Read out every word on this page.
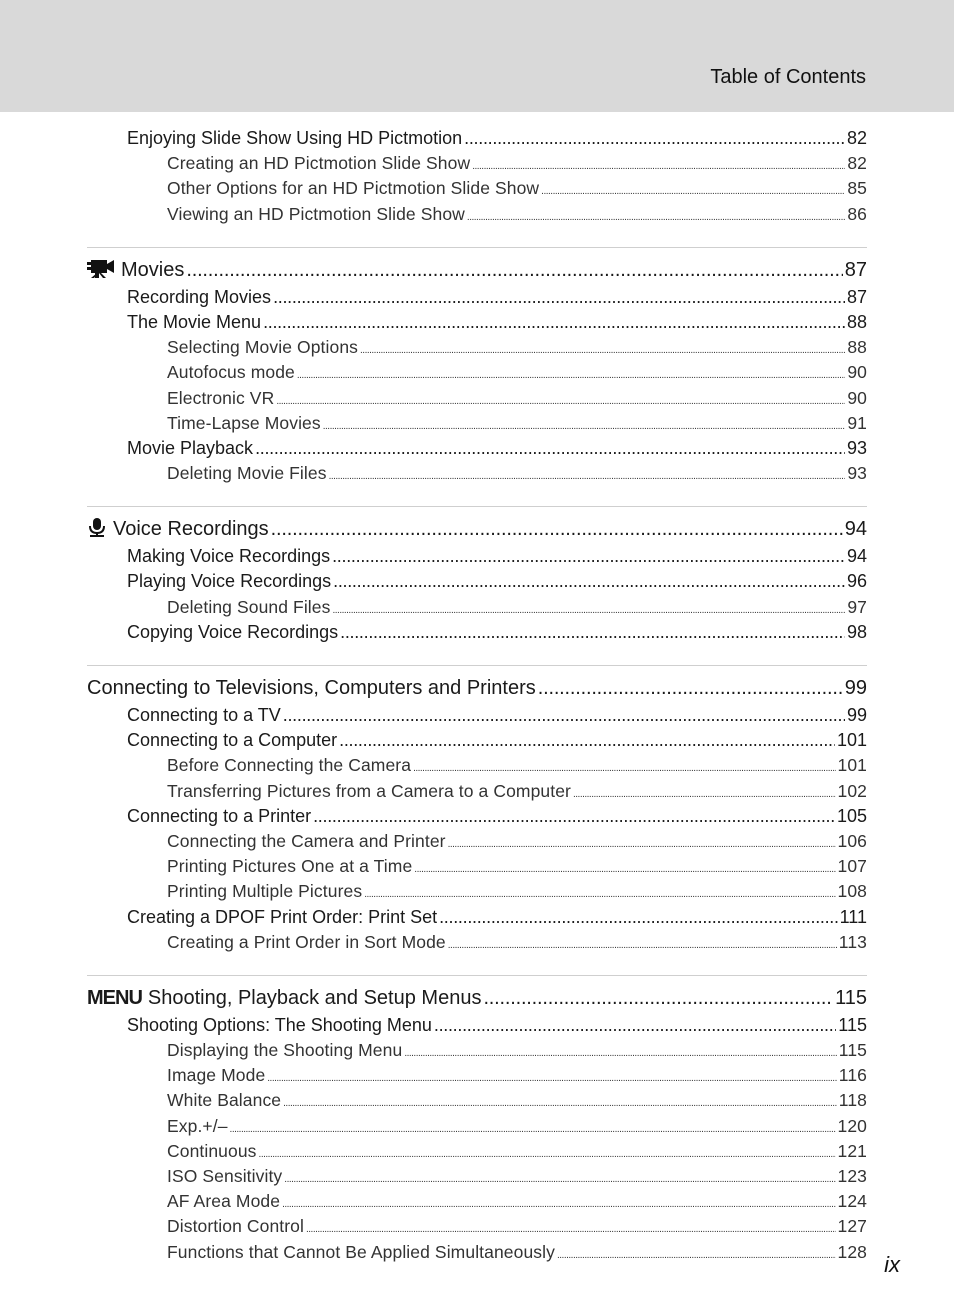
Table of Contents
Enjoying Slide Show Using HD Pictmotion .....	82
Creating an HD Pictmotion Slide Show .....	82
Other Options for an HD Pictmotion Slide Show .....	85
Viewing an HD Pictmotion Slide Show .....	86
Movies .....	87
Recording Movies .....	87
The Movie Menu .....	88
Selecting Movie Options .....	88
Autofocus mode .....	90
Electronic VR .....	90
Time-Lapse Movies .....	91
Movie Playback .....	93
Deleting Movie Files .....	93
Voice Recordings .....	94
Making Voice Recordings .....	94
Playing Voice Recordings .....	96
Deleting Sound Files .....	97
Copying Voice Recordings .....	98
Connecting to Televisions, Computers and Printers .....	99
Connecting to a TV .....	99
Connecting to a Computer .....	101
Before Connecting the Camera .....	101
Transferring Pictures from a Camera to a Computer .....	102
Connecting to a Printer .....	105
Connecting the Camera and Printer .....	106
Printing Pictures One at a Time .....	107
Printing Multiple Pictures .....	108
Creating a DPOF Print Order: Print Set .....	111
Creating a Print Order in Sort Mode .....	113
MENU Shooting, Playback and Setup Menus .....	115
Shooting Options: The Shooting Menu .....	115
Displaying the Shooting Menu .....	115
Image Mode .....	116
White Balance .....	118
Exp.+/– .....	120
Continuous .....	121
ISO Sensitivity .....	123
AF Area Mode .....	124
Distortion Control .....	127
Functions that Cannot Be Applied Simultaneously .....	128
ix
